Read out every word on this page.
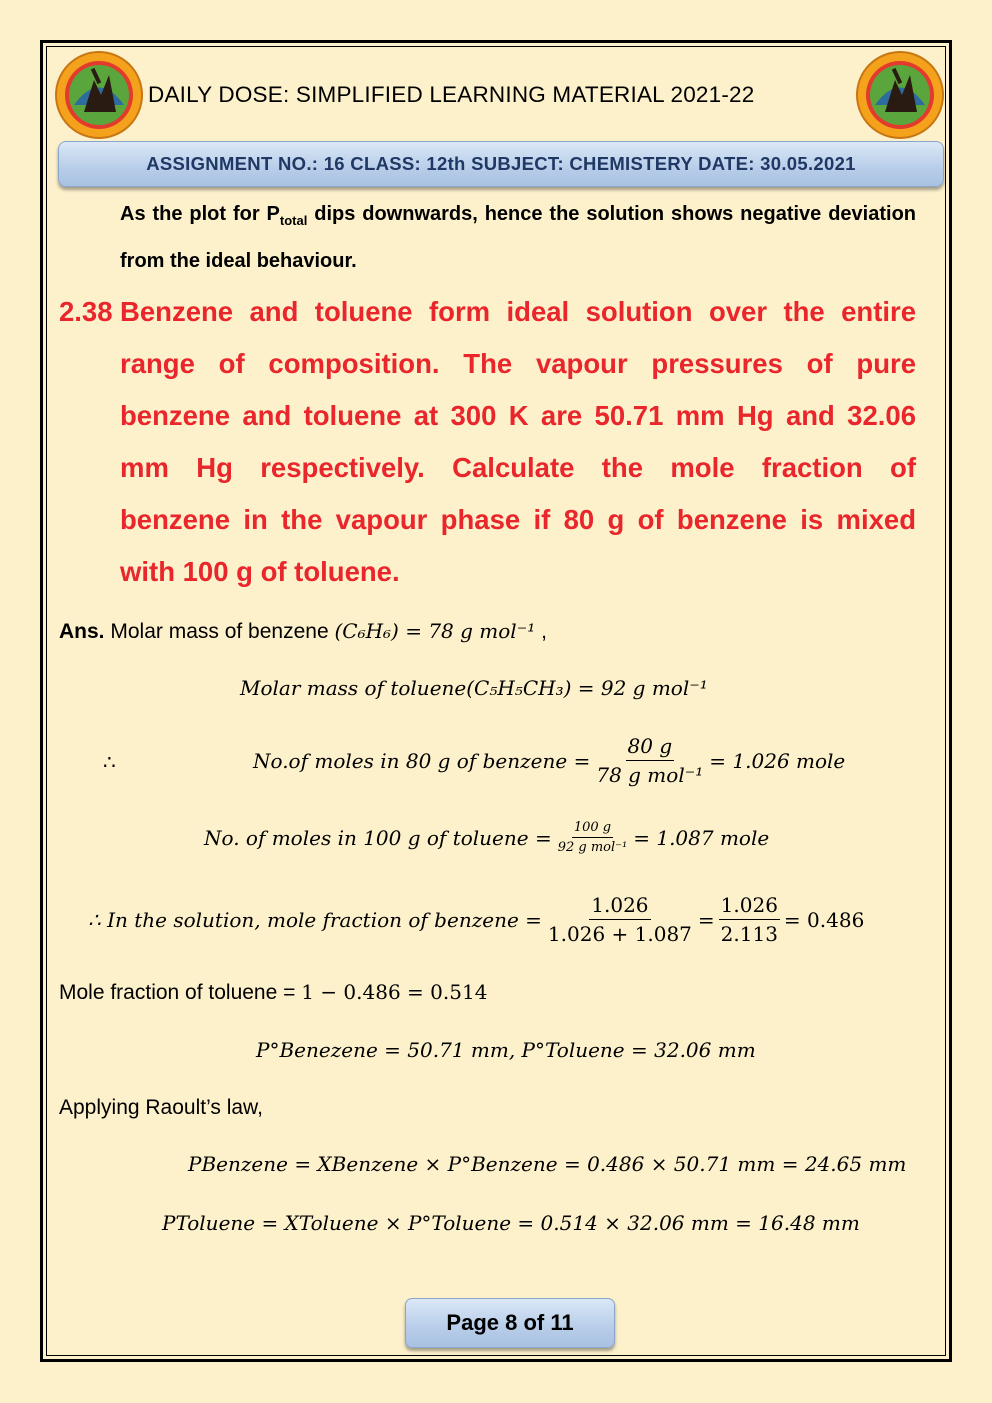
DAILY DOSE: SIMPLIFIED LEARNING MATERIAL 2021-22
ASSIGNMENT NO.: 16 CLASS: 12th SUBJECT: CHEMISTERY DATE: 30.05.2021

As the plot for $P_{total}$ dips downwards, hence the solution shows negative deviation from the ideal behaviour.

2.38 Benzene and toluene form ideal solution over the entire
range of composition. The vapour pressures of pure
benzene and toluene at 300 K are 50.71 mm Hg and 32.06
mm Hg respectively. Calculate the mole fraction of
benzene in the vapour phase if 80 g of benzene is mixed
with 100 g of toluene.
Ans. Molar mass of benzene (C₆H₆) = 78 g mol⁻¹ ,
Molar mass of toluene(C₅H₅CH₃) = 92 g mol⁻¹
∴	No.of moles in 80 g of benzene = $\frac{80 g}{\text{78 g mol⁻¹}} = 1.026$ mole
No. of moles in 100 g of toluene = $\frac{100 g}{\text{92 g mol⁻¹}} = 1.087$ mole
∴ In the solution, mole fraction of benzene = $\frac{1.026}{1.026 + 1.087} = \frac{1.026}{2.113} = 0.486$
Mole fraction of toluene = 1 − 0.486 = 0.514
P°Benezene = 50.71 mm, P°Toluene = 32.06 mm
Applying Raoult’s law,
PBenzene = XBenzene × P°Benzene = 0.486 × 50.71 mm = 24.65 mm
PToluene = XToluene × P°Toluene = 0.514 × 32.06 mm = 16.48 mm
Page 8 of 11
